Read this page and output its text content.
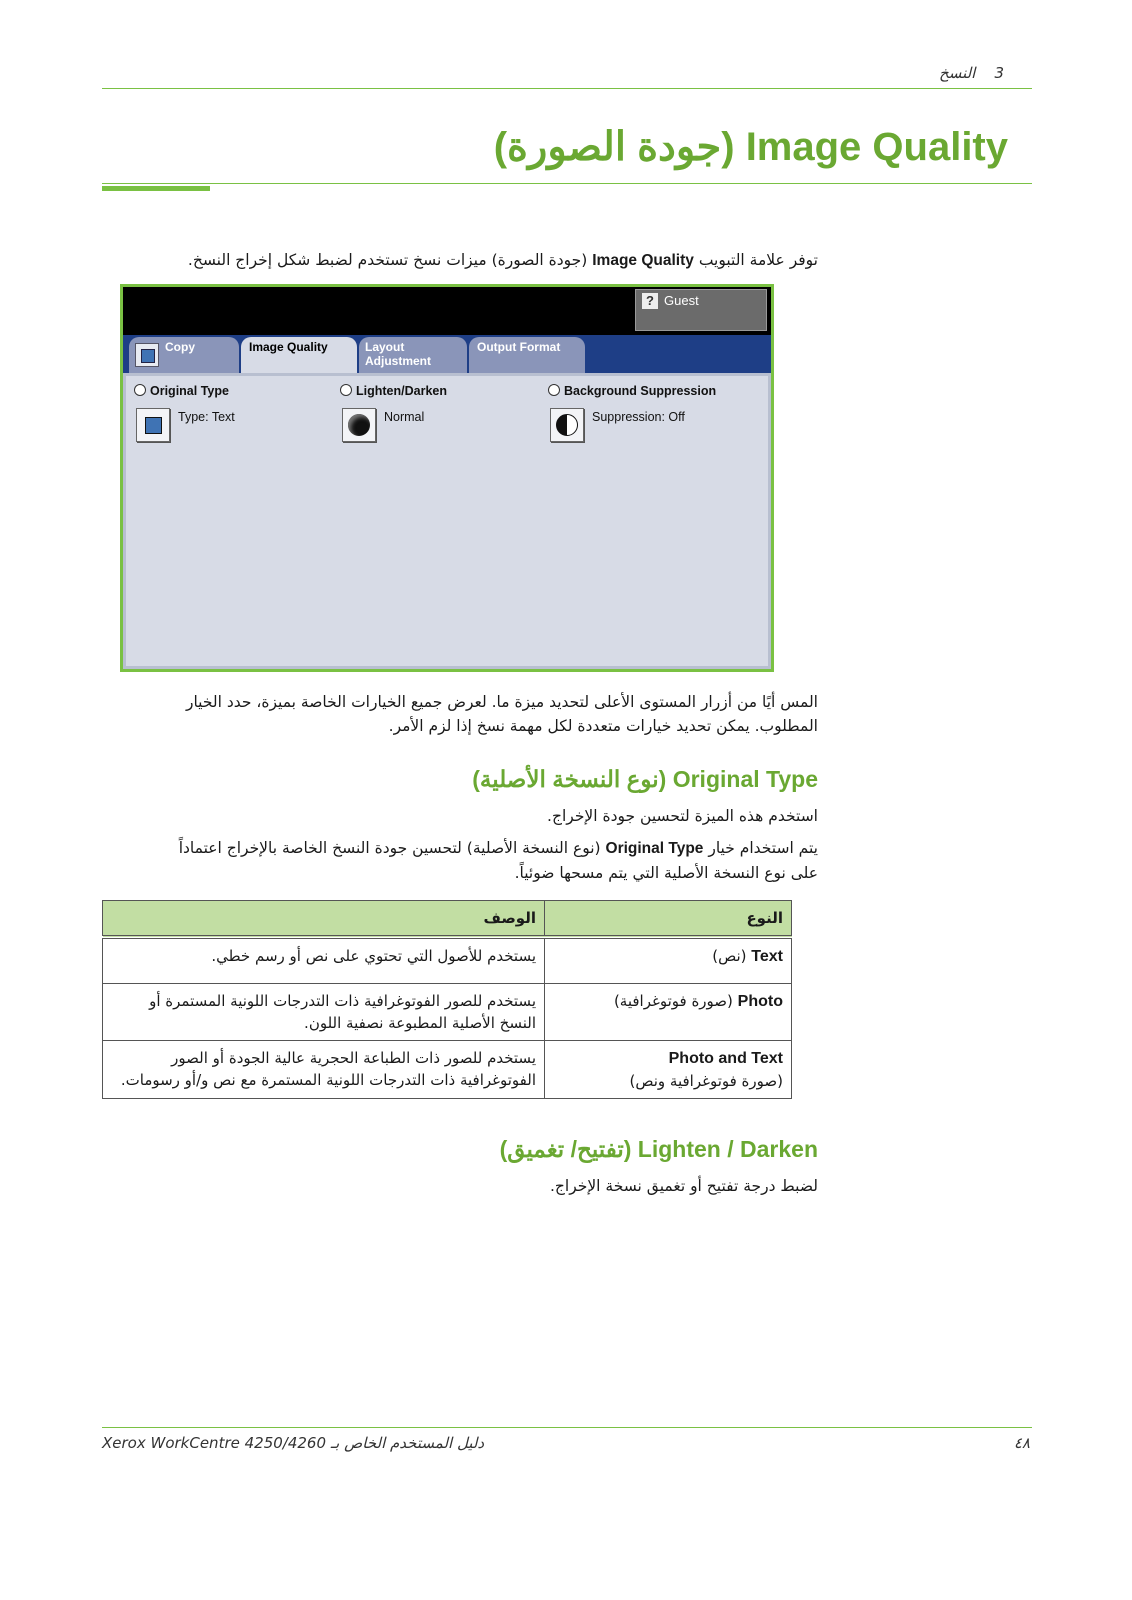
3    النسخ
Image Quality (جودة الصورة)
توفر علامة التبويب Image Quality (جودة الصورة) ميزات نسخ تستخدم لضبط شكل إخراج النسخ.
? Guest
Copy	Image Quality	Layout Adjustment
Output Format
Original Type
Type: Text
Lighten/Darken
Normal
Background Suppression
Suppression: Off
المس أيًا من أزرار المستوى الأعلى لتحديد ميزة ما. لعرض جميع الخيارات الخاصة بميزة، حدد الخيار
المطلوب. يمكن تحديد خيارات متعددة لكل مهمة نسخ إذا لزم الأمر.
Original Type (نوع النسخة الأصلية)
استخدم هذه الميزة لتحسين جودة الإخراج.
يتم استخدام خيار Original Type (نوع النسخة الأصلية) لتحسين جودة النسخ الخاصة بالإخراج اعتماداً
على نوع النسخة الأصلية التي يتم مسحها ضوئياً.
النوع	الوصف
Text (نص)	يستخدم للأصول التي تحتوي على نص أو رسم خطي.
Photo (صورة فوتوغرافية)	يستخدم للصور الفوتوغرافية ذات التدرجات اللونية المستمرة أو النسخ الأصلية المطبوعة نصفية اللون.
Photo and Text
(صورة فوتوغرافية ونص)	يستخدم للصور ذات الطباعة الحجرية عالية الجودة أو الصور الفوتوغرافية ذات التدرجات اللونية المستمرة مع نص و/أو رسومات.
Lighten / Darken (تفتيح/ تغميق)
لضبط درجة تفتيح أو تغميق نسخة الإخراج.
دليل المستخدم الخاص بـ Xerox WorkCentre 4250/4260	٤٨
